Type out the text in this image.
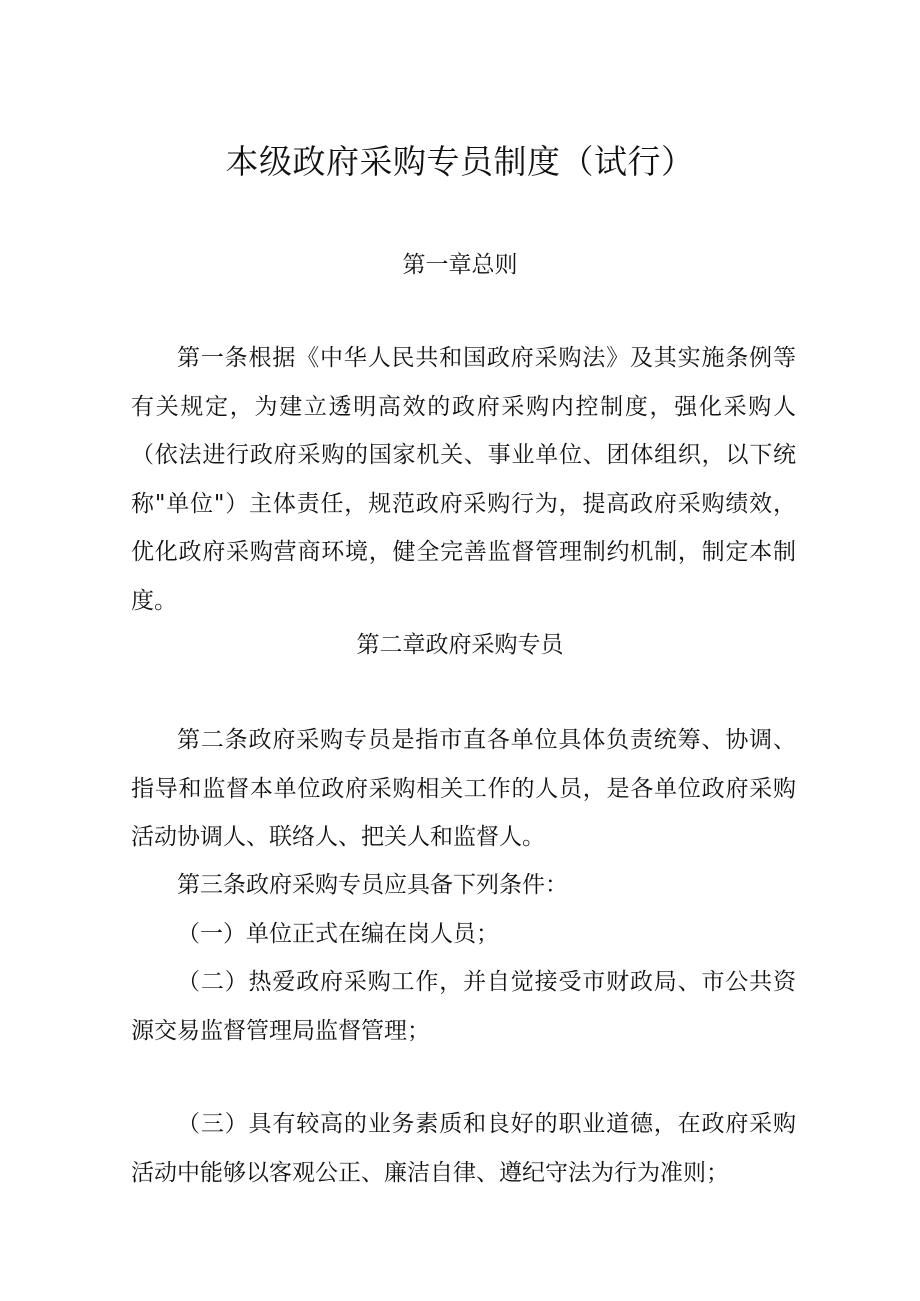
本级政府采购专员制度（试行）
第一章总则
第一条根据《中华人民共和国政府采购法》及其实施条例等有关规定，为建立透明高效的政府采购内控制度，强化采购人（依法进行政府采购的国家机关、事业单位、团体组织，以下统称"单位"）主体责任，规范政府采购行为，提高政府采购绩效，优化政府采购营商环境，健全完善监督管理制约机制，制定本制度。
第二章政府采购专员
第二条政府采购专员是指市直各单位具体负责统筹、协调、指导和监督本单位政府采购相关工作的人员，是各单位政府采购活动协调人、联络人、把关人和监督人。
第三条政府采购专员应具备下列条件：
（一）单位正式在编在岗人员；
（二）热爱政府采购工作，并自觉接受市财政局、市公共资源交易监督管理局监督管理；
（三）具有较高的业务素质和良好的职业道德，在政府采购活动中能够以客观公正、廉洁自律、遵纪守法为行为准则；
